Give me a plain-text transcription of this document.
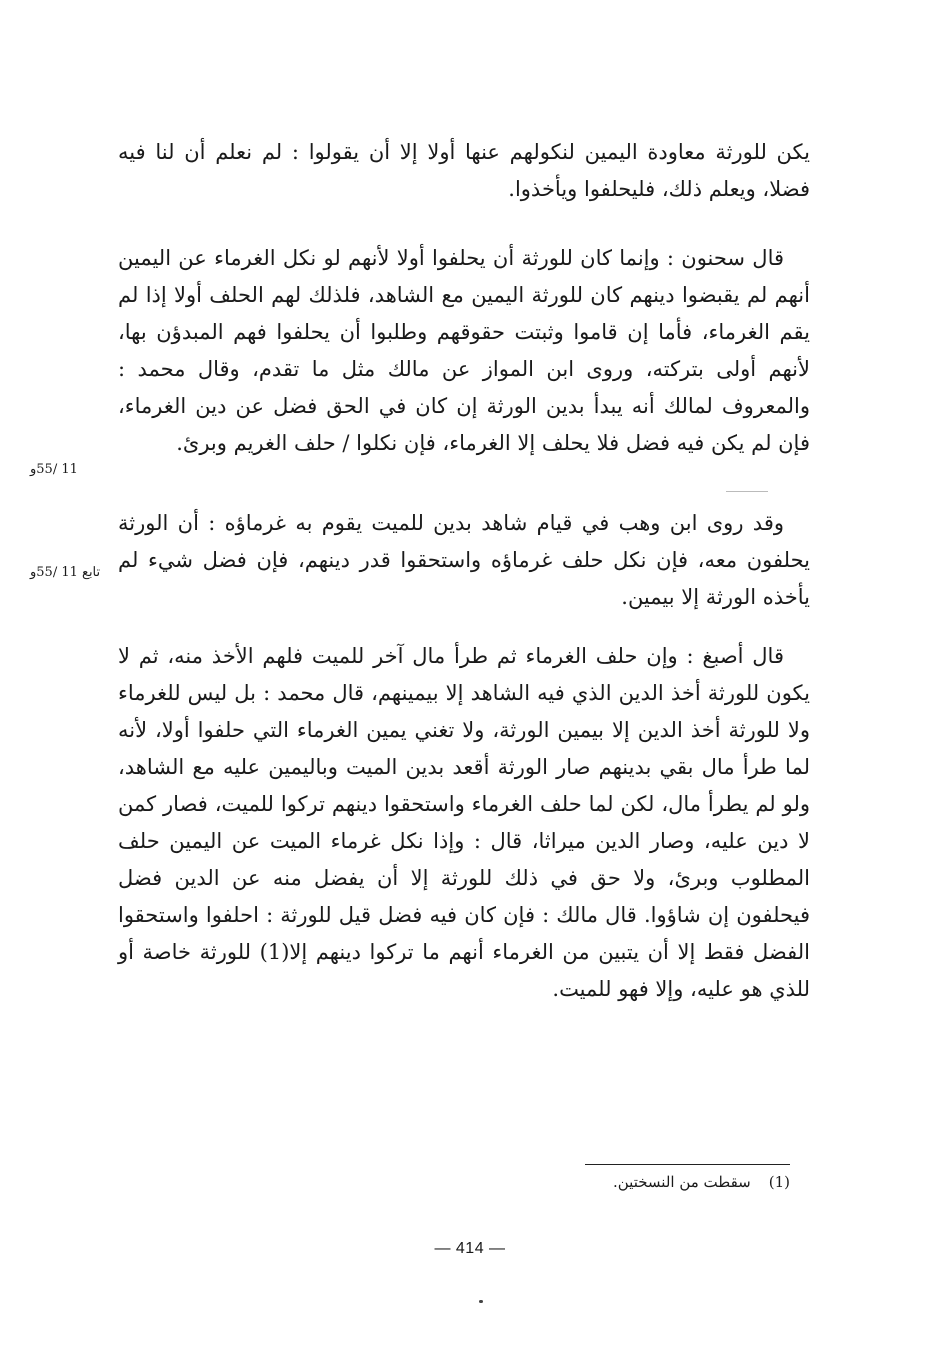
يكن للورثة معاودة اليمين لنكولهم عنها أولا إلا أن يقولوا : لم نعلم أن لنا فيه فضلا، ويعلم ذلك، فليحلفوا ويأخذوا.

قال سحنون : وإنما كان للورثة أن يحلفوا أولا لأنهم لو نكل الغرماء عن اليمين أنهم لم يقبضوا دينهم كان للورثة اليمين مع الشاهد، فلذلك لهم الحلف أولا إذا لم يقم الغرماء، فأما إن قاموا وثبتت حقوقهم وطلبوا أن يحلفوا فهم المبدؤن بها، لأنهم أولى بتركته، وروى ابن المواز عن مالك مثل ما تقدم، وقال محمد : والمعروف لمالك أنه يبدأ بدين الورثة إن كان في الحق فضل عن دين الغرماء، فإن لم يكن فيه فضل فلا يحلف إلا الغرماء، فإن نكلوا / حلف الغريم وبرئ.

11 /55و

وقد روى ابن وهب في قيام شاهد بدين للميت يقوم به غرماؤه : أن الورثة يحلفون معه، فإن نكل حلف غرماؤه واستحقوا قدر دينهم، فإن فضل شيء لم يأخذه الورثة إلا بيمين.

تابع 11 /55و

قال أصبغ : وإن حلف الغرماء ثم طرأ مال آخر للميت فلهم الأخذ منه، ثم لا يكون للورثة أخذ الدين الذي فيه الشاهد إلا بيمينهم، قال محمد : بل ليس للغرماء ولا للورثة أخذ الدين إلا بيمين الورثة، ولا تغني يمين الغرماء التي حلفوا أولا، لأنه لما طرأ مال بقي بدينهم صار الورثة أقعد بدين الميت وباليمين عليه مع الشاهد، ولو لم يطرأ مال، لكن لما حلف الغرماء واستحقوا دينهم تركوا للميت، فصار كمن لا دين عليه، وصار الدين ميراثا، قال : وإذا نكل غرماء الميت عن اليمين حلف المطلوب وبرئ، ولا حق في ذلك للورثة إلا أن يفضل منه عن الدين فضل فيحلفون إن شاؤوا. قال مالك : فإن كان فيه فضل قيل للورثة : احلفوا واستحقوا الفضل فقط إلا أن يتبين من الغرماء أنهم ما تركوا دينهم إلا(1) للورثة خاصة أو للذي هو عليه، وإلا فهو للميت.

(1)سقطت من النسختين.
— 414 —
